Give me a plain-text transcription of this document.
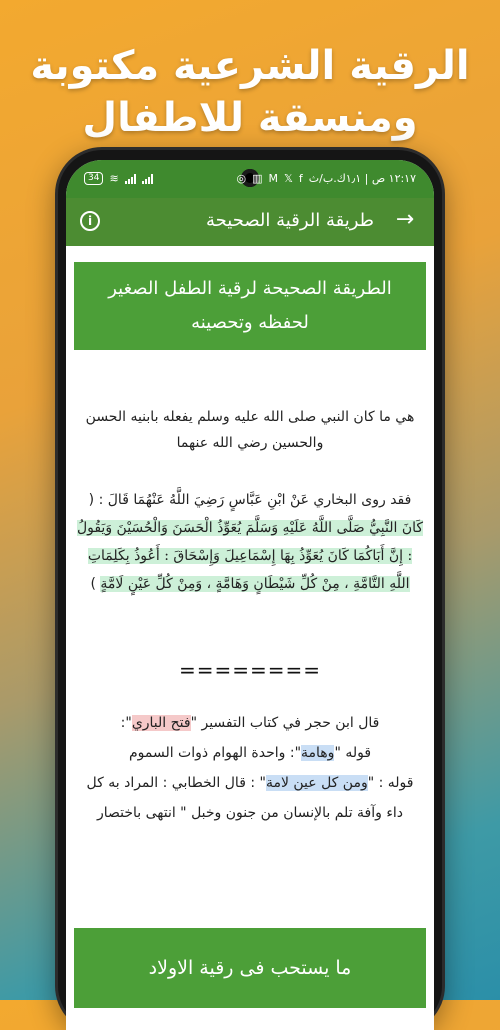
الرقية الشرعية مكتوبة
ومنسقة للاطفال
34 ≋	١٢:١٧ ص | ١٫١ك.ب/ث
f
𝕏
M
▥
◎
→
طريقة الرقية الصحيحة
i
الطريقة الصحيحة لرقية الطفل الصغير لحفظه وتحصينه
هي ما كان النبي صلى الله عليه وسلم يفعله بابنيه الحسن والحسين رضي الله عنهما
فقد روى البخاري عَنْ ابْنِ عَبَّاسٍ رَضِيَ اللَّهُ عَنْهُمَا قَالَ : ( كَانَ النَّبِيُّ صَلَّى اللَّهُ عَلَيْهِ وَسَلَّمَ يُعَوِّذُ الْحَسَنَ وَالْحُسَيْنَ وَيَقُولُ : إِنَّ أَبَاكُمَا كَانَ يُعَوِّذُ بِهَا إِسْمَاعِيلَ وَإِسْحَاقَ : أَعُوذُ بِكَلِمَاتِ اللَّهِ التَّامَّةِ ، مِنْ كُلِّ شَيْطَانٍ وَهَامَّةٍ ، وَمِنْ كُلِّ عَيْنٍ لَامَّةٍ )
========
قال ابن حجر في كتاب التفسير "فتح الباري":
قوله "وهامة": واحدة الهوام ذوات السموم
قوله : "ومن كل عين لامة" : قال الخطابي : المراد به كل داء وآفة تلم بالإنسان من جنون وخبل " انتهى باختصار
ما يستحب فى رقية الاولاد
